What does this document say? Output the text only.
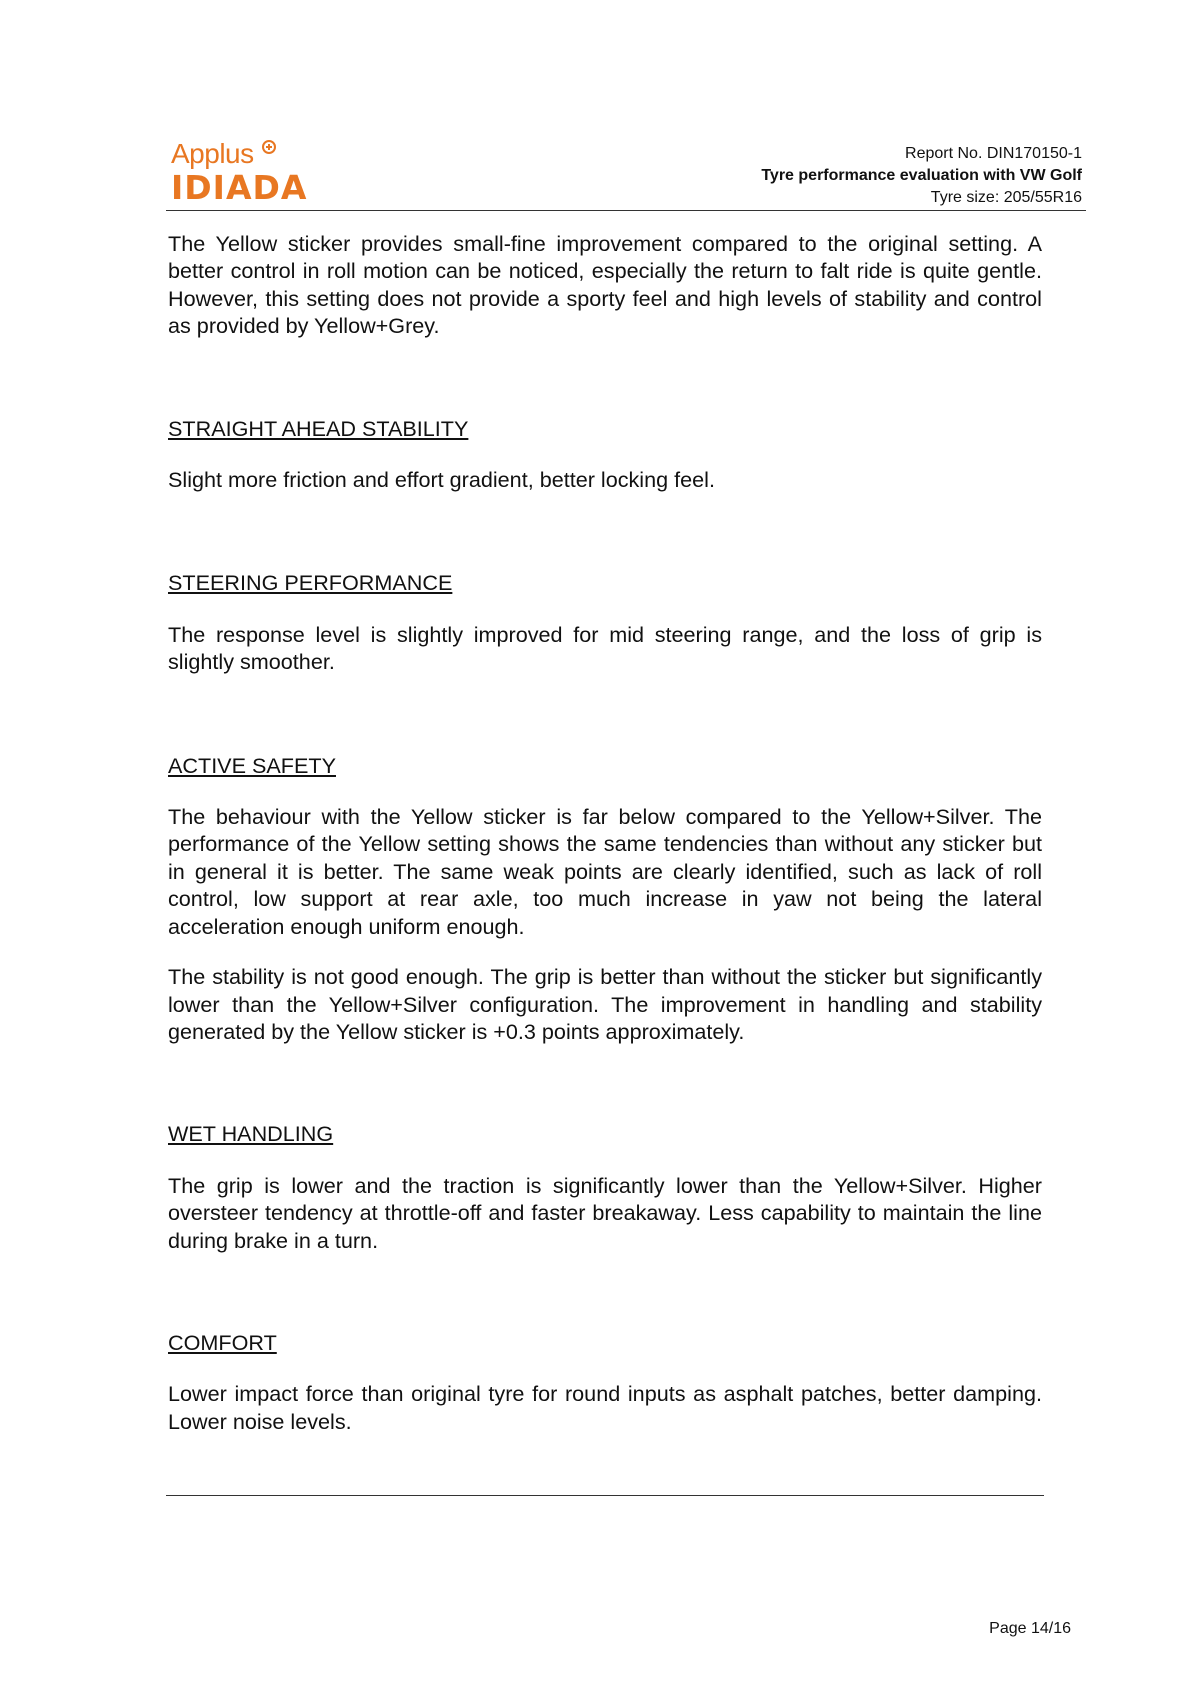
Applus
IDIADA
Report No. DIN170150-1
Tyre performance evaluation with VW Golf
Tyre size: 205/55R16

The Yellow sticker provides small-fine improvement compared to the original setting. A better control in roll motion can be noticed, especially the return to falt ride is quite gentle. However, this setting does not provide a sporty feel and high levels of stability and control as provided by Yellow+Grey.

STRAIGHT AHEAD STABILITY

Slight more friction and effort gradient, better locking feel.

STEERING PERFORMANCE

The response level is slightly improved for mid steering range, and the loss of grip is slightly smoother.

ACTIVE SAFETY

The behaviour with the Yellow sticker is far below compared to the Yellow+Silver. The performance of the Yellow setting shows the same tendencies than without any sticker but in general it is better. The same weak points are clearly identified, such as lack of roll control, low support at rear axle, too much increase in yaw not being the lateral acceleration enough uniform enough.

The stability is not good enough. The grip is better than without the sticker but significantly lower than the Yellow+Silver configuration. The improvement in handling and stability generated by the Yellow sticker is +0.3 points approximately.

WET HANDLING

The grip is lower and the traction is significantly lower than the Yellow+Silver. Higher oversteer tendency at throttle-off and faster breakaway. Less capability to maintain the line during brake in a turn.

COMFORT

Lower impact force than original tyre for round inputs as asphalt patches, better damping. Lower noise levels.

Page 14/16
